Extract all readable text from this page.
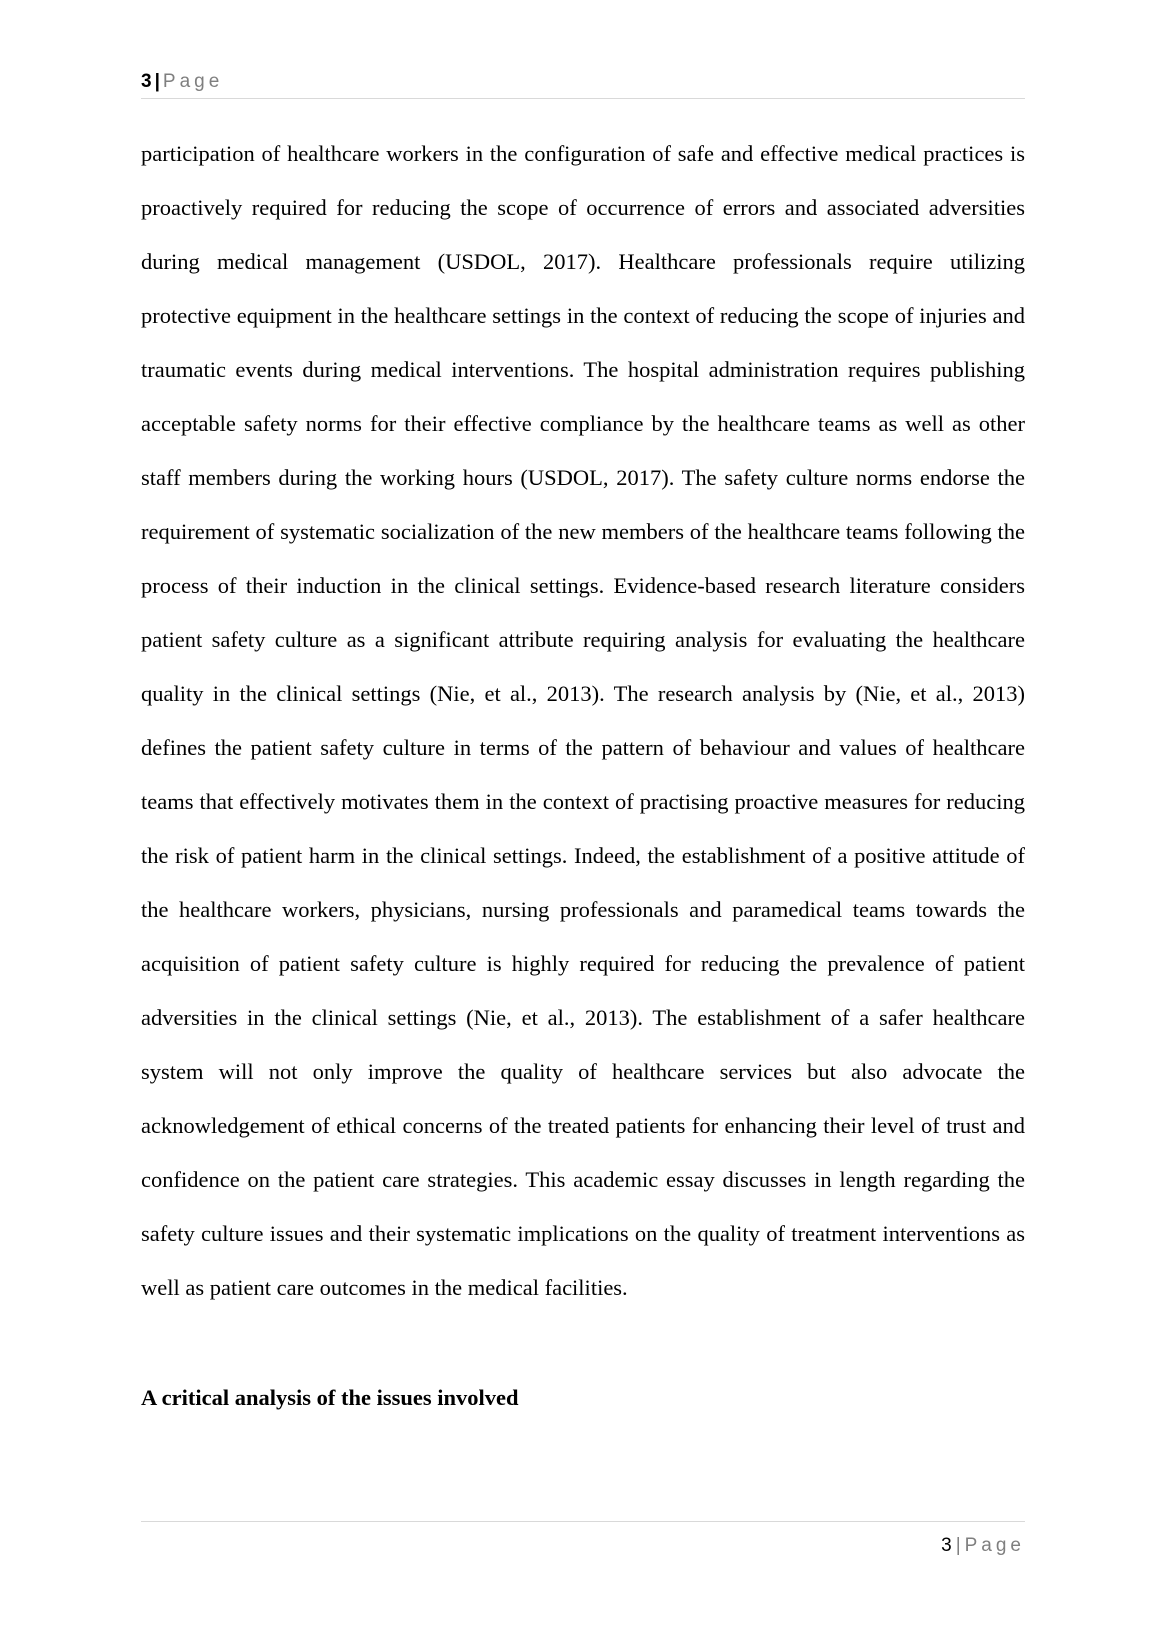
3 | Page

participation of healthcare workers in the configuration of safe and effective medical practices is proactively required for reducing the scope of occurrence of errors and associated adversities during medical management (USDOL, 2017). Healthcare professionals require utilizing protective equipment in the healthcare settings in the context of reducing the scope of injuries and traumatic events during medical interventions. The hospital administration requires publishing acceptable safety norms for their effective compliance by the healthcare teams as well as other staff members during the working hours (USDOL, 2017). The safety culture norms endorse the requirement of systematic socialization of the new members of the healthcare teams following the process of their induction in the clinical settings. Evidence-based research literature considers patient safety culture as a significant attribute requiring analysis for evaluating the healthcare quality in the clinical settings (Nie, et al., 2013). The research analysis by (Nie, et al., 2013) defines the patient safety culture in terms of the pattern of behaviour and values of healthcare teams that effectively motivates them in the context of practising proactive measures for reducing the risk of patient harm in the clinical settings. Indeed, the establishment of a positive attitude of the healthcare workers, physicians, nursing professionals and paramedical teams towards the acquisition of patient safety culture is highly required for reducing the prevalence of patient adversities in the clinical settings (Nie, et al., 2013). The establishment of a safer healthcare system will not only improve the quality of healthcare services but also advocate the acknowledgement of ethical concerns of the treated patients for enhancing their level of trust and confidence on the patient care strategies. This academic essay discusses in length regarding the safety culture issues and their systematic implications on the quality of treatment interventions as well as patient care outcomes in the medical facilities.

A critical analysis of the issues involved

3 | Page
